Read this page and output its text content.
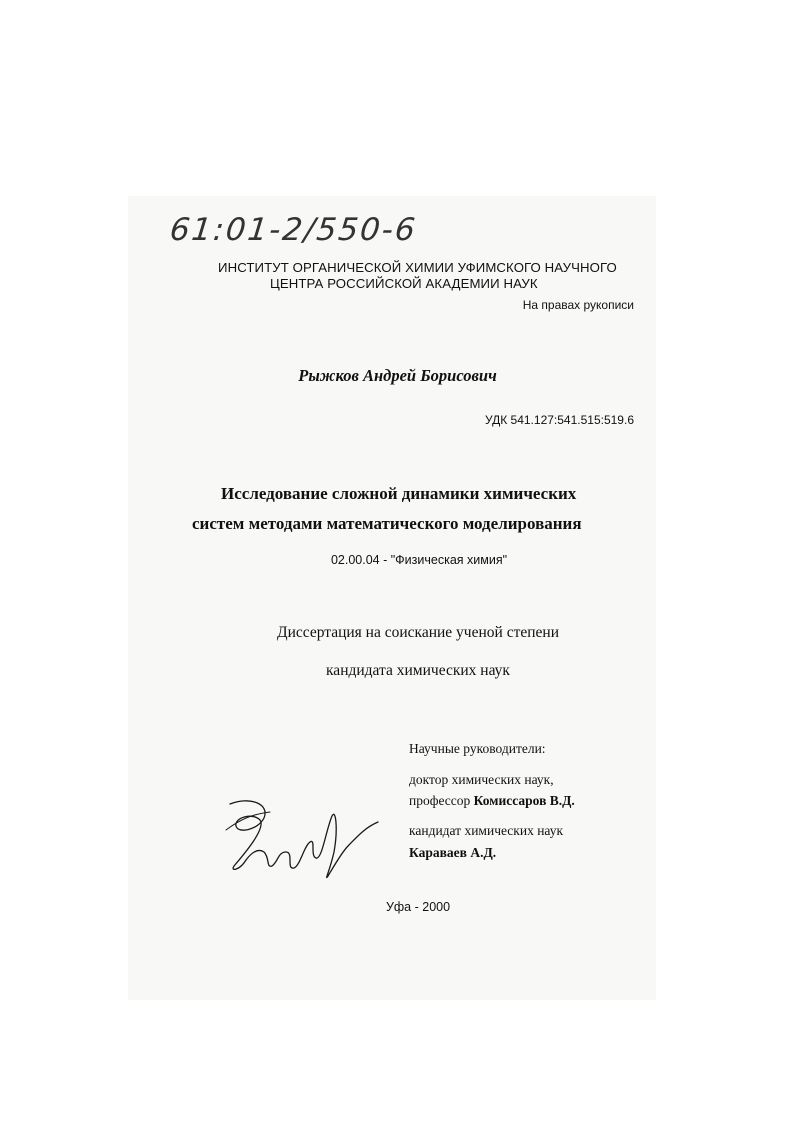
61:01-2/550-6
ИНСТИТУТ ОРГАНИЧЕСКОЙ ХИМИИ УФИМСКОГО НАУЧНОГО
ЦЕНТРА РОССИЙСКОЙ АКАДЕМИИ НАУК
На правах рукописи
Рыжков Андрей Борисович
УДК 541.127:541.515:519.6
Исследование сложной динамики химических
систем методами математического моделирования
02.00.04 - "Физическая химия"
Диссертация на соискание ученой степени
кандидата химических наук
Научные руководители:
доктор химических наук,
профессор Комиссаров В.Д.
кандидат химических наук
Караваев А.Д.
Уфа - 2000
